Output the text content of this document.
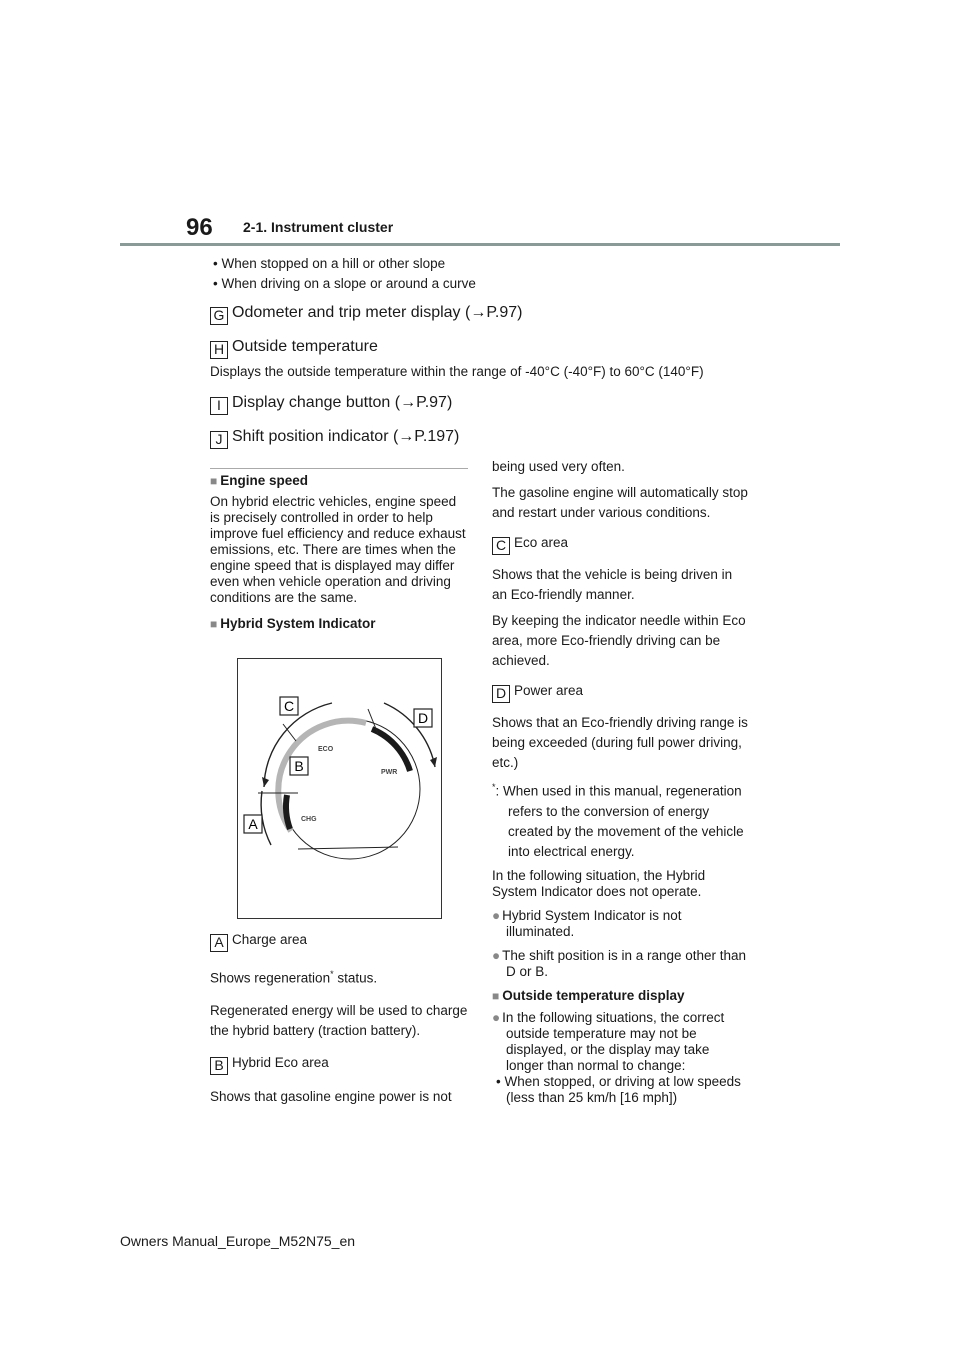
96 2-1. Instrument cluster
• When stopped on a hill or other slope
• When driving on a slope or around a curve
G Odometer and trip meter display (→P.97)
H Outside temperature
Displays the outside temperature within the range of -40°C (-40°F) to 60°C (140°F)
I Display change button (→P.97)
J Shift position indicator (→P.197)

■ Engine speed

On hybrid electric vehicles, engine speed is precisely controlled in order to help improve fuel efficiency and reduce exhaust emissions, etc. There are times when the engine speed that is displayed may differ even when vehicle operation and driving conditions are the same.

■ Hybrid System Indicator

C
D
B
A
ECO
PWR
CHG

A Charge area

Shows regeneration* status.

Regenerated energy will be used to charge the hybrid battery (traction battery).

B Hybrid Eco area

Shows that gasoline engine power is not

being used very often.

The gasoline engine will automatically stop and restart under various conditions.

C Eco area

Shows that the vehicle is being driven in an Eco-friendly manner.

By keeping the indicator needle within Eco area, more Eco-friendly driving can be achieved.

D Power area

Shows that an Eco-friendly driving range is being exceeded (during full power driving, etc.)

*: When used in this manual, regeneration refers to the conversion of energy created by the movement of the vehicle into electrical energy.

In the following situation, the Hybrid System Indicator does not operate.

● Hybrid System Indicator is not illuminated.

● The shift position is in a range other than D or B.

■ Outside temperature display

● In the following situations, the correct outside temperature may not be displayed, or the display may take longer than normal to change:

• When stopped, or driving at low speeds (less than 25 km/h [16 mph])

Owners Manual_Europe_M52N75_en
